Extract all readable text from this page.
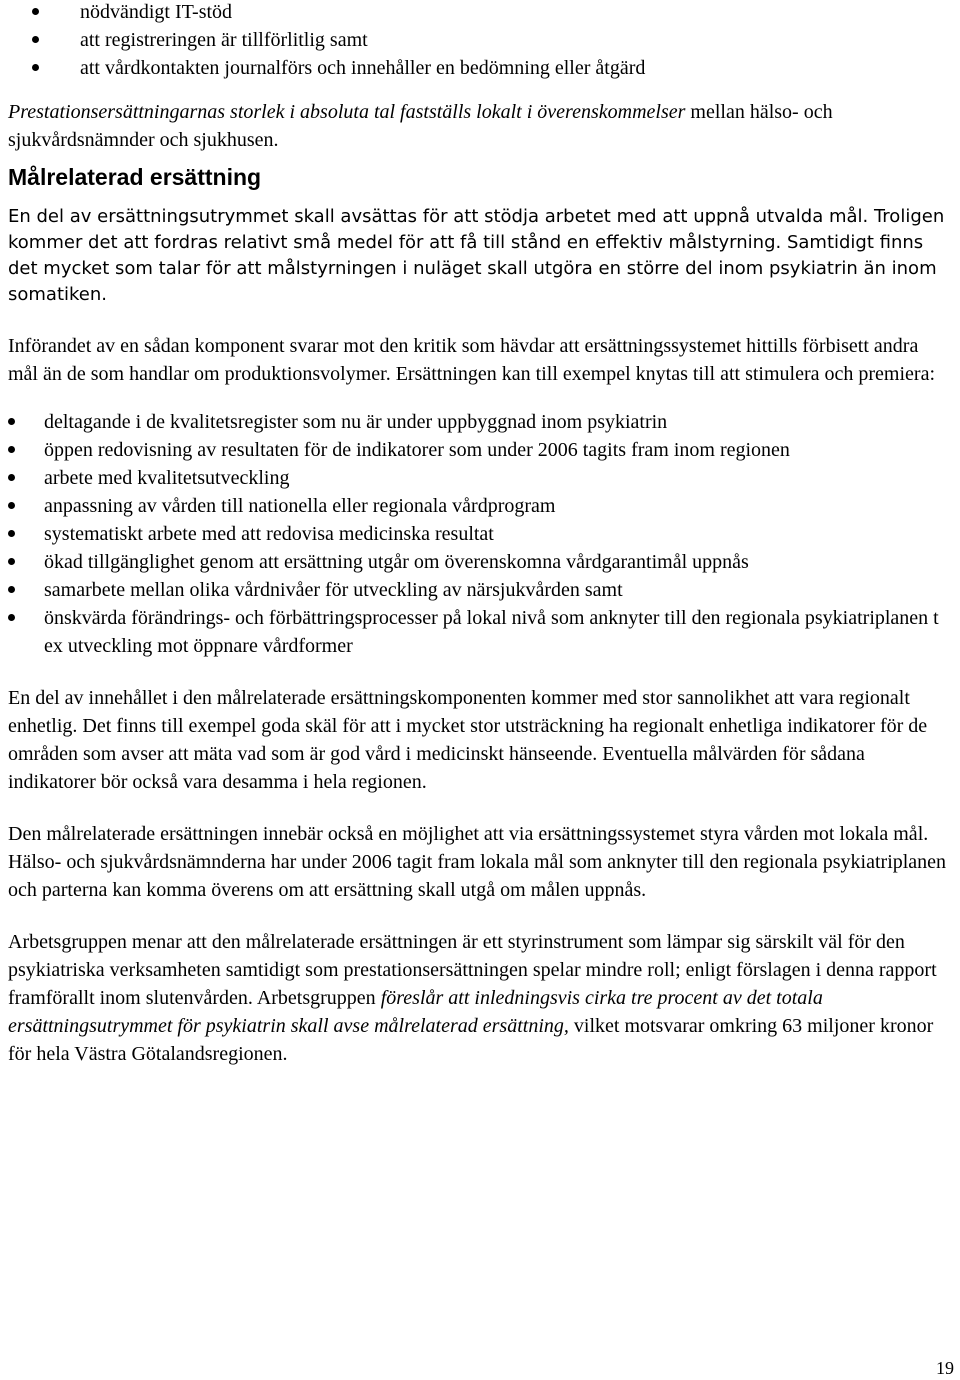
nödvändigt IT-stöd
att registreringen är tillförlitlig samt
att vårdkontakten journalförs och innehåller en bedömning eller åtgärd

Prestationsersättningarnas storlek i absoluta tal fastställs lokalt i överenskommelser mellan hälso- och sjukvårdsnämnder och sjukhusen.

Målrelaterad ersättning

En del av ersättningsutrymmet skall avsättas för att stödja arbetet med att uppnå utvalda mål. Troligen kommer det att fordras relativt små medel för att få till stånd en effektiv målstyrning. Samtidigt finns det mycket som talar för att målstyrningen i nuläget skall utgöra en större del inom psykiatrin än inom somatiken.

Införandet av en sådan komponent svarar mot den kritik som hävdar att ersättningssystemet hittills förbisett andra mål än de som handlar om produktionsvolymer. Ersättningen kan till exempel knytas till att stimulera och premiera:

deltagande i de kvalitetsregister som nu är under uppbyggnad inom psykiatrin
öppen redovisning av resultaten för de indikatorer som under 2006 tagits fram inom regionen
arbete med kvalitetsutveckling
anpassning av vården till nationella eller regionala vårdprogram
systematiskt arbete med att redovisa medicinska resultat
ökad tillgänglighet genom att ersättning utgår om överenskomna vårdgarantimål uppnås
samarbete mellan olika vårdnivåer för utveckling av närsjukvården samt
önskvärda förändrings- och förbättringsprocesser på lokal nivå som anknyter till den regionala psykiatriplanen t ex utveckling mot öppnare vårdformer

En del av innehållet i den målrelaterade ersättningskomponenten kommer med stor sannolikhet att vara regionalt enhetlig. Det finns till exempel goda skäl för att i mycket stor utsträckning ha regionalt enhetliga indikatorer för de områden som avser att mäta vad som är god vård i medicinskt hänseende. Eventuella målvärden för sådana indikatorer bör också vara desamma i hela regionen.

Den målrelaterade ersättningen innebär också en möjlighet att via ersättningssystemet styra vården mot lokala mål. Hälso- och sjukvårdsnämnderna har under 2006 tagit fram lokala mål som anknyter till den regionala psykiatriplanen och parterna kan komma överens om att ersättning skall utgå om målen uppnås.

Arbetsgruppen menar att den målrelaterade ersättningen är ett styrinstrument som lämpar sig särskilt väl för den psykiatriska verksamheten samtidigt som prestationsersättningen spelar mindre roll; enligt förslagen i denna rapport framförallt inom slutenvården. Arbetsgruppen föreslår att inledningsvis cirka tre procent av det totala ersättningsutrymmet för psykiatrin skall avse målrelaterad ersättning, vilket motsvarar omkring 63 miljoner kronor för hela Västra Götalandsregionen.

19
